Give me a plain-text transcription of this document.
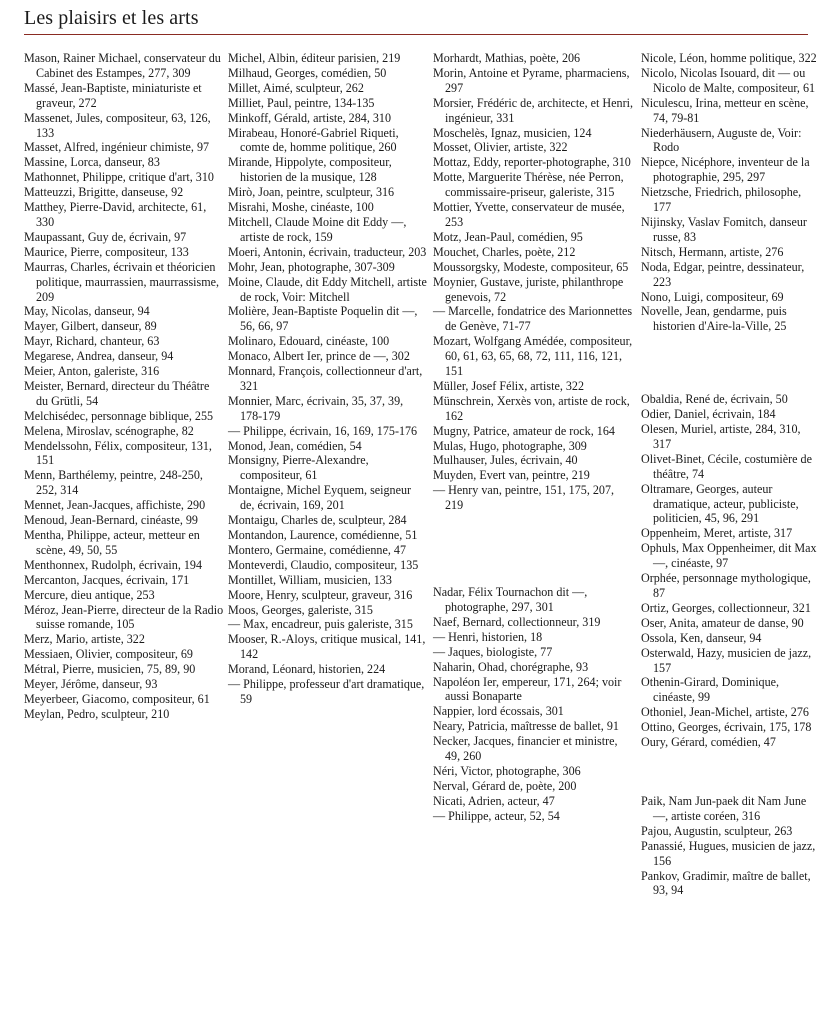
Les plaisirs et les arts

Mason, Rainer Michael, conservateur du Cabinet des Estampes, 277, 309

Massé, Jean-Baptiste, miniaturiste et graveur, 272

Massenet, Jules, compositeur, 63, 126, 133

Masset, Alfred, ingénieur chimiste, 97

Massine, Lorca, danseur, 83

Mathonnet, Philippe, critique d'art, 310

Matteuzzi, Brigitte, danseuse, 92

Matthey, Pierre-David, architecte, 61, 330

Maupassant, Guy de, écrivain, 97

Maurice, Pierre, compositeur, 133

Maurras, Charles, écrivain et théoricien politique, maurrassien, maurrassisme, 209

May, Nicolas, danseur, 94

Mayer, Gilbert, danseur, 89

Mayr, Richard, chanteur, 63

Megarese, Andrea, danseur, 94

Meier, Anton, galeriste, 316

Meister, Bernard, directeur du Théâtre du Grütli, 54

Melchisédec, personnage biblique, 255

Melena, Miroslav, scénographe, 82

Mendelssohn, Félix, compositeur, 131, 151

Menn, Barthélemy, peintre, 248-250, 252, 314

Mennet, Jean-Jacques, affichiste, 290

Menoud, Jean-Bernard, cinéaste, 99

Mentha, Philippe, acteur, metteur en scène, 49, 50, 55

Menthonnex, Rudolph, écrivain, 194

Mercanton, Jacques, écrivain, 171

Mercure, dieu antique, 253

Méroz, Jean-Pierre, directeur de la Radio suisse romande, 105

Merz, Mario, artiste, 322

Messiaen, Olivier, compositeur, 69

Métral, Pierre, musicien, 75, 89, 90

Meyer, Jérôme, danseur, 93

Meyerbeer, Giacomo, compositeur, 61

Meylan, Pedro, sculpteur, 210

Michel, Albin, éditeur parisien, 219

Milhaud, Georges, comédien, 50

Millet, Aimé, sculpteur, 262

Milliet, Paul, peintre, 134-135

Minkoff, Gérald, artiste, 284, 310

Mirabeau, Honoré-Gabriel Riqueti, comte de, homme politique, 260

Mirande, Hippolyte, compositeur, historien de la musique, 128

Mirò, Joan, peintre, sculpteur, 316

Misrahi, Moshe, cinéaste, 100

Mitchell, Claude Moine dit Eddy —, artiste de rock, 159

Moeri, Antonin, écrivain, traducteur, 203

Mohr, Jean, photographe, 307-309

Moine, Claude, dit Eddy Mitchell, artiste de rock, Voir: Mitchell

Molière, Jean-Baptiste Poquelin dit —, 56, 66, 97

Molinaro, Edouard, cinéaste, 100

Monaco, Albert Ier, prince de —, 302

Monnard, François, collectionneur d'art, 321

Monnier, Marc, écrivain, 35, 37, 39, 178-179

— Philippe, écrivain, 16, 169, 175-176

Monod, Jean, comédien, 54

Monsigny, Pierre-Alexandre, compositeur, 61

Montaigne, Michel Eyquem, seigneur de, écrivain, 169, 201

Montaigu, Charles de, sculpteur, 284

Montandon, Laurence, comédienne, 51

Montero, Germaine, comédienne, 47

Monteverdi, Claudio, compositeur, 135

Montillet, William, musicien, 133

Moore, Henry, sculpteur, graveur, 316

Moos, Georges, galeriste, 315

— Max, encadreur, puis galeriste, 315

Mooser, R.-Aloys, critique musical, 141, 142

Morand, Léonard, historien, 224

— Philippe, professeur d'art dramatique, 59

Morhardt, Mathias, poète, 206

Morin, Antoine et Pyrame, pharmaciens, 297

Morsier, Frédéric de, architecte, et Henri, ingénieur, 331

Moschelès, Ignaz, musicien, 124

Mosset, Olivier, artiste, 322

Mottaz, Eddy, reporter-photographe, 310

Motte, Marguerite Thérèse, née Perron, commissaire-priseur, galeriste, 315

Mottier, Yvette, conservateur de musée, 253

Motz, Jean-Paul, comédien, 95

Mouchet, Charles, poète, 212

Moussorgsky, Modeste, compositeur, 65

Moynier, Gustave, juriste, philanthrope genevois, 72

— Marcelle, fondatrice des Marionnettes de Genève, 71-77

Mozart, Wolfgang Amédée, compositeur, 60, 61, 63, 65, 68, 72, 111, 116, 121, 151

Müller, Josef Félix, artiste, 322

Münschrein, Xerxès von, artiste de rock, 162

Mugny, Patrice, amateur de rock, 164

Mulas, Hugo, photographe, 309

Mulhauser, Jules, écrivain, 40

Muyden, Evert van, peintre, 219

— Henry van, peintre, 151, 175, 207, 219

Nadar, Félix Tournachon dit —, photographe, 297, 301

Naef, Bernard, collectionneur, 319

— Henri, historien, 18

— Jaques, biologiste, 77

Naharin, Ohad, chorégraphe, 93

Napoléon Ier, empereur, 171, 264; voir aussi Bonaparte

Nappier, lord écossais, 301

Neary, Patricia, maîtresse de ballet, 91

Necker, Jacques, financier et ministre, 49, 260

Néri, Victor, photographe, 306

Nerval, Gérard de, poète, 200

Nicati, Adrien, acteur, 47

— Philippe, acteur, 52, 54

Nicole, Léon, homme politique, 322

Nicolo, Nicolas Isouard, dit — ou Nicolo de Malte, compositeur, 61

Niculescu, Irina, metteur en scène, 74, 79-81

Niederhäusern, Auguste de, Voir: Rodo

Niepce, Nicéphore, inventeur de la photographie, 295, 297

Nietzsche, Friedrich, philosophe, 177

Nijinsky, Vaslav Fomitch, danseur russe, 83

Nitsch, Hermann, artiste, 276

Noda, Edgar, peintre, dessinateur, 223

Nono, Luigi, compositeur, 69

Novelle, Jean, gendarme, puis historien d'Aire-la-Ville, 25

Obaldia, René de, écrivain, 50

Odier, Daniel, écrivain, 184

Olesen, Muriel, artiste, 284, 310, 317

Olivet-Binet, Cécile, costumière de théâtre, 74

Oltramare, Georges, auteur dramatique, acteur, publiciste, politicien, 45, 96, 291

Oppenheim, Meret, artiste, 317

Ophuls, Max Oppenheimer, dit Max —, cinéaste, 97

Orphée, personnage mythologique, 87

Ortiz, Georges, collectionneur, 321

Oser, Anita, amateur de danse, 90

Ossola, Ken, danseur, 94

Osterwald, Hazy, musicien de jazz, 157

Othenin-Girard, Dominique, cinéaste, 99

Othoniel, Jean-Michel, artiste, 276

Ottino, Georges, écrivain, 175, 178

Oury, Gérard, comédien, 47

Paik, Nam Jun-paek dit Nam June —, artiste coréen, 316

Pajou, Augustin, sculpteur, 263

Panassié, Hugues, musicien de jazz, 156

Pankov, Gradimir, maître de ballet, 93, 94
